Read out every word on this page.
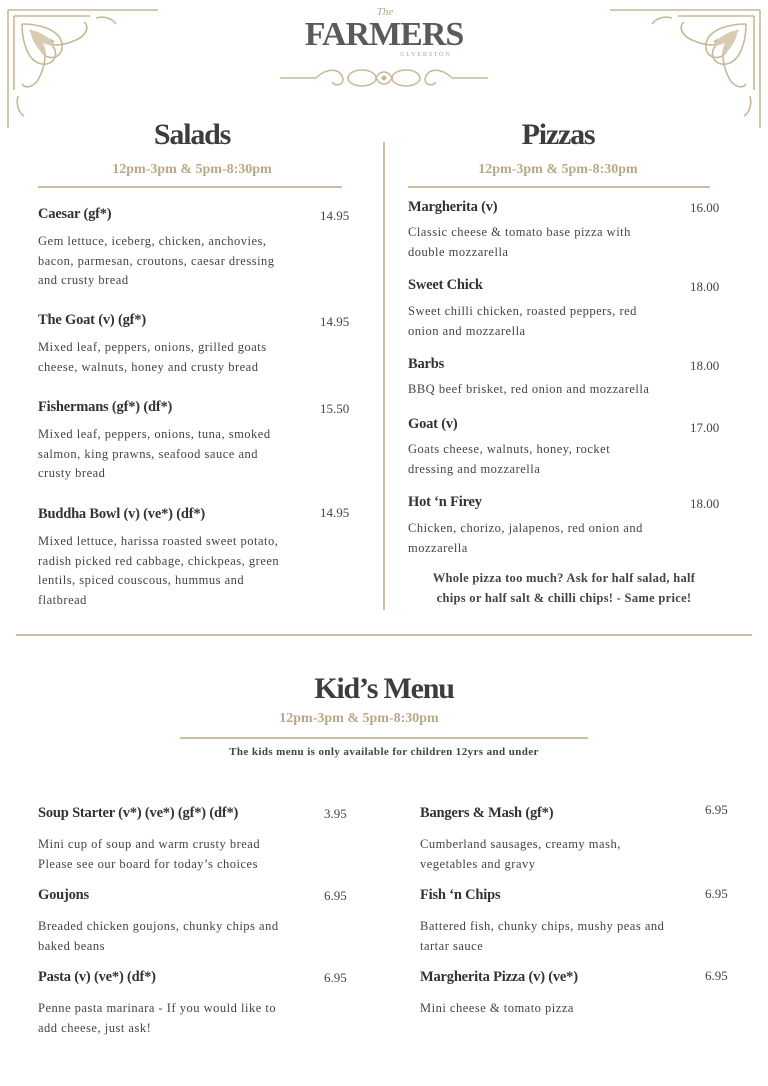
The
FARMERS
ULVERSTON
Salads
12pm-3pm & 5pm-8:30pm
Caesar (gf*)	14.95
Gem lettuce, iceberg, chicken, anchovies,
bacon, parmesan, croutons, caesar dressing
and crusty bread
The Goat (v) (gf*)	14.95
Mixed leaf, peppers, onions, grilled goats
cheese, walnuts, honey and crusty bread
Fishermans (gf*) (df*)	15.50
Mixed leaf, peppers, onions, tuna, smoked
salmon, king prawns, seafood sauce and
crusty bread
Buddha Bowl (v) (ve*) (df*)	14.95
Mixed lettuce, harissa roasted sweet potato,
radish picked red cabbage, chickpeas, green
lentils, spiced couscous, hummus and
flatbread
Pizzas
12pm-3pm & 5pm-8:30pm
Margherita (v)	16.00
Classic cheese & tomato base pizza with
double mozzarella
Sweet Chick	18.00
Sweet chilli chicken, roasted peppers, red
onion and mozzarella
Barbs	18.00
BBQ beef brisket, red onion and mozzarella
Goat (v)	17.00
Goats cheese, walnuts, honey, rocket
dressing and mozzarella
Hot ‘n Firey	18.00
Chicken, chorizo, jalapenos, red onion and
mozzarella
Whole pizza too much? Ask for half salad, half
chips or half salt & chilli chips! - Same price!
Kid’s Menu
12pm-3pm & 5pm-8:30pm
The kids menu is only available for children 12yrs and under
Soup Starter (v*) (ve*) (gf*) (df*)	3.95
Mini cup of soup and warm crusty bread
Please see our board for today’s choices
Goujons	6.95
Breaded chicken goujons, chunky chips and
baked beans
Pasta (v) (ve*) (df*)	6.95
Penne pasta marinara - If you would like to
add cheese, just ask!
Bangers & Mash (gf*)	6.95
Cumberland sausages, creamy mash,
vegetables and gravy
Fish ‘n Chips	6.95
Battered fish, chunky chips, mushy peas and
tartar sauce
Margherita Pizza (v) (ve*)	6.95
Mini cheese & tomato pizza
